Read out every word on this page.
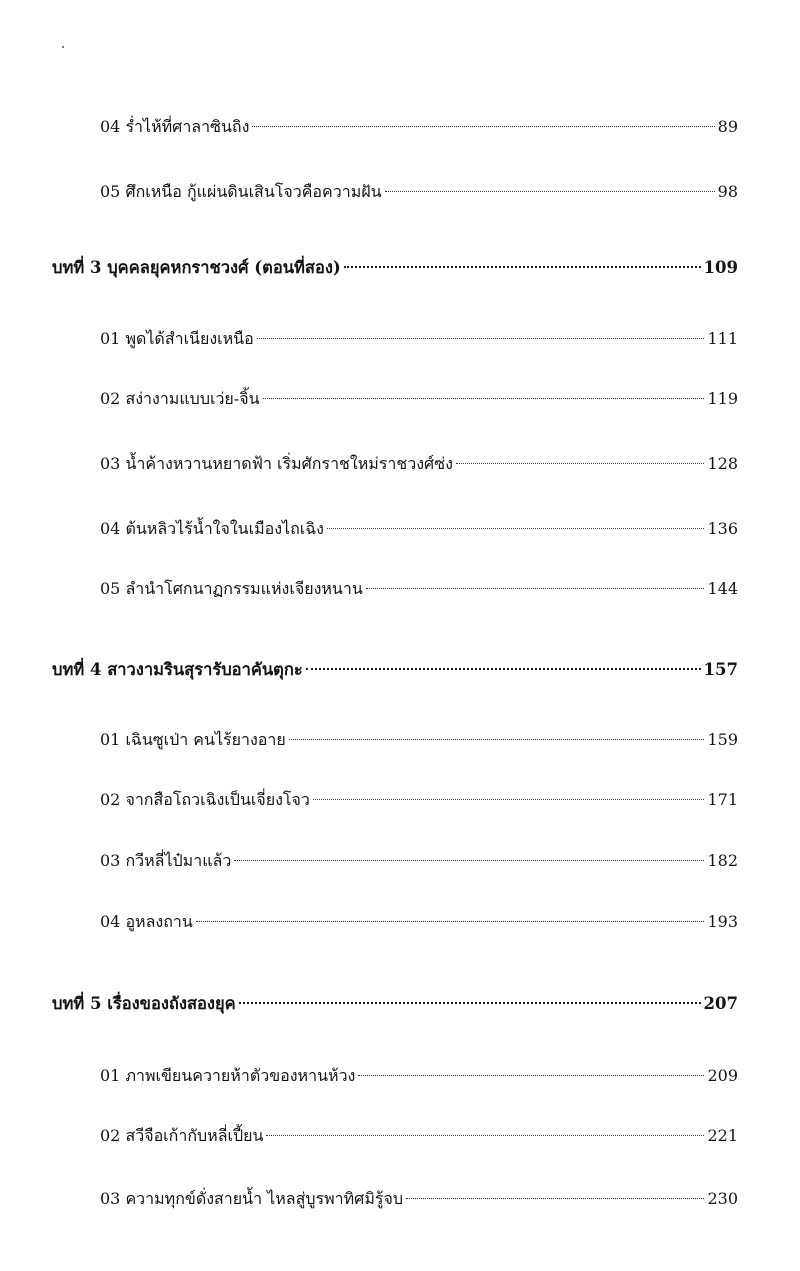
04 ร่ำไห้ที่ศาลาซินถิง	89
05 ศึกเหนือ กู้แผ่นดินเสินโจวคือความฝัน	98
บทที่ 3 บุคคลยุคหกราชวงศ์ (ตอนที่สอง)	109
01 พูดได้สำเนียงเหนือ	111
02 สง่างามแบบเว่ย-จิ้น	119
03 น้ำค้างหวานหยาดฟ้า เริ่มศักราชใหม่ราชวงศ์ซ่ง	128
04 ต้นหลิวไร้น้ำใจในเมืองไถเฉิง	136
05 ลำนำโศกนาฏกรรมแห่งเจียงหนาน	144
บทที่ 4 สาวงามรินสุรารับอาคันตุกะ	157
01 เฉินซูเป่า คนไร้ยางอาย	159
02 จากสือโถวเฉิงเป็นเจี่ยงโจว	171
03 กวีหลี่ไป๋มาแล้ว	182
04 อูหลงถาน	193
บทที่ 5 เรื่องของถังสองยุค	207
01 ภาพเขียนควายห้าตัวของหานห้วง	209
02 สวีจือเก้ากับหลี่เปี้ยน	221
03 ความทุกข์ดั่งสายน้ำ ไหลสู่บูรพาทิศมิรู้จบ	230
